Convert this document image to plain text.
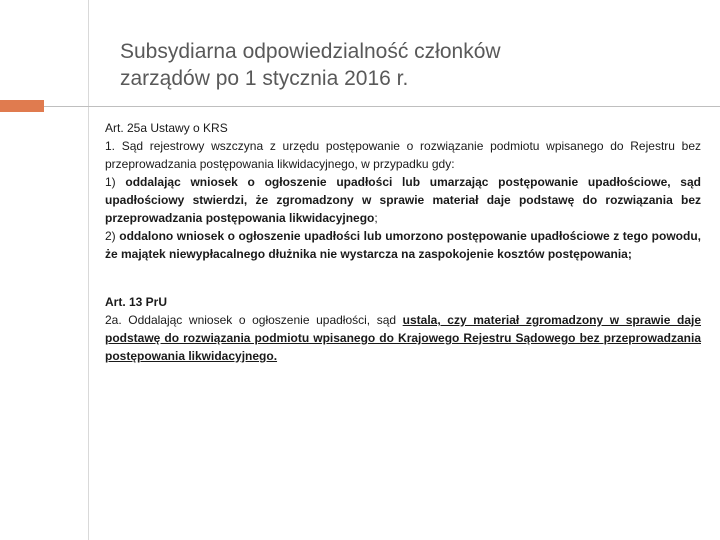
Subsydiarna odpowiedzialność członków
zarządów po 1 stycznia 2016 r.

Art. 25a Ustawy o KRS

1. Sąd rejestrowy wszczyna z urzędu postępowanie o rozwiązanie podmiotu wpisanego do Rejestru bez przeprowadzania postępowania likwidacyjnego, w przypadku gdy:

1) oddalając wniosek o ogłoszenie upadłości lub umarzając postępowanie upadłościowe, sąd upadłościowy stwierdzi, że zgromadzony w sprawie materiał daje podstawę do rozwiązania bez przeprowadzania postępowania likwidacyjnego;

2) oddalono wniosek o ogłoszenie upadłości lub umorzono postępowanie upadłościowe z tego powodu, że majątek niewypłacalnego dłużnika nie wystarcza na zaspokojenie kosztów postępowania;

Art. 13 PrU

2a. Oddalając wniosek o ogłoszenie upadłości, sąd ustala, czy materiał zgromadzony w sprawie daje podstawę do rozwiązania podmiotu wpisanego do Krajowego Rejestru Sądowego bez przeprowadzania postępowania likwidacyjnego.
